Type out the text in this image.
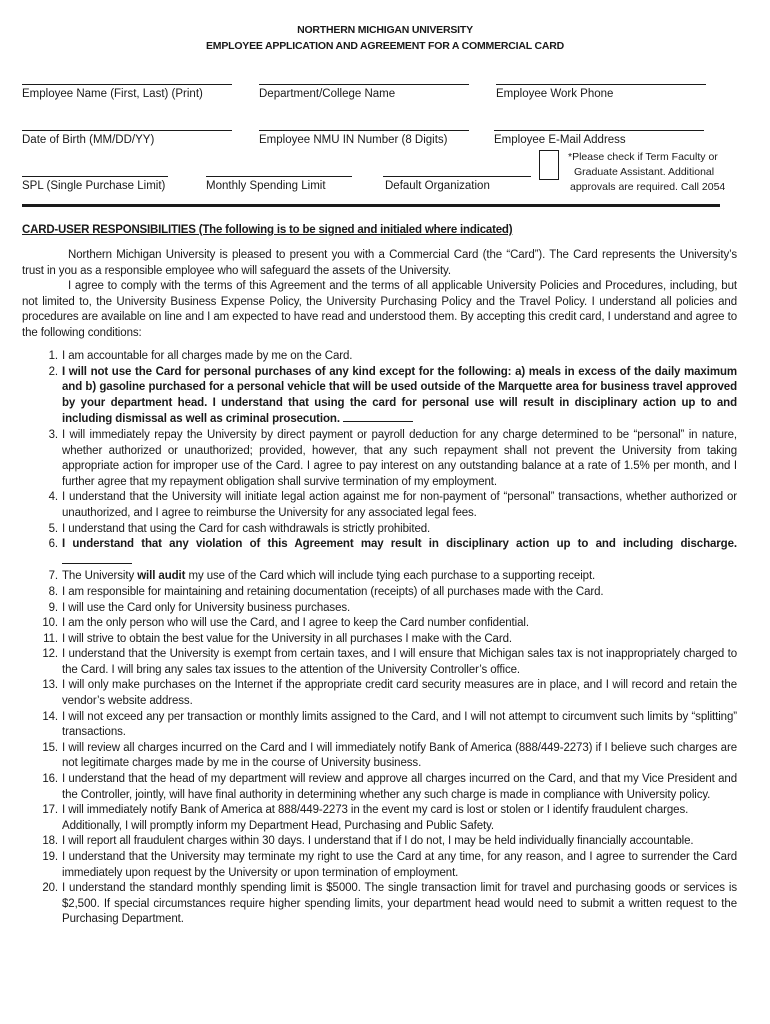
NORTHERN MICHIGAN UNIVERSITY
EMPLOYEE APPLICATION AND AGREEMENT FOR A COMMERCIAL CARD
Employee Name (First, Last) (Print)	Department/College Name	Employee Work Phone
Date of Birth (MM/DD/YY)	Employee NMU IN Number (8 Digits)	Employee E-Mail Address
*Please check if Term Faculty or
Graduate Assistant. Additional
approvals are required. Call 2054
SPL (Single Purchase Limit)	Monthly Spending Limit	Default Organization
CARD-USER RESPONSIBILITIES (The following is to be signed and initialed where indicated)

Northern Michigan University is pleased to present you with a Commercial Card (the “Card”). The Card represents the University’s trust in you as a responsible employee who will safeguard the assets of the University.

I agree to comply with the terms of this Agreement and the terms of all applicable University Policies and Procedures, including, but not limited to, the University Business Expense Policy, the University Purchasing Policy and the Travel Policy. I understand all policies and procedures are available on line and I am expected to have read and understood them. By accepting this credit card, I understand and agree to the following conditions:

1. I am accountable for all charges made by me on the Card.
2. I will not use the Card for personal purchases of any kind except for the following: a) meals in excess of the daily maximum and b) gasoline purchased for a personal vehicle that will be used outside of the Marquette area for business travel approved by your department head. I understand that using the card for personal use will result in disciplinary action up to and including dismissal as well as criminal prosecution.
3. I will immediately repay the University by direct payment or payroll deduction for any charge determined to be “personal” in nature, whether authorized or unauthorized; provided, however, that any such repayment shall not prevent the University from taking appropriate action for improper use of the Card. I agree to pay interest on any outstanding balance at a rate of 1.5% per month, and I further agree that my repayment obligation shall survive termination of my employment.
4. I understand that the University will initiate legal action against me for non-payment of “personal” transactions, whether authorized or unauthorized, and I agree to reimburse the University for any associated legal fees.
5. I understand that using the Card for cash withdrawals is strictly prohibited.
6. I understand that any violation of this Agreement may result in disciplinary action up to and including discharge.
7. The University will audit my use of the Card which will include tying each purchase to a supporting receipt.
8. I am responsible for maintaining and retaining documentation (receipts) of all purchases made with the Card.
9. I will use the Card only for University business purchases.
10. I am the only person who will use the Card, and I agree to keep the Card number confidential.
11. I will strive to obtain the best value for the University in all purchases I make with the Card.
12. I understand that the University is exempt from certain taxes, and I will ensure that Michigan sales tax is not inappropriately charged to the Card. I will bring any sales tax issues to the attention of the University Controller’s office.
13. I will only make purchases on the Internet if the appropriate credit card security measures are in place, and I will record and retain the vendor’s website address.
14. I will not exceed any per transaction or monthly limits assigned to the Card, and I will not attempt to circumvent such limits by “splitting” transactions.
15. I will review all charges incurred on the Card and I will immediately notify Bank of America (888/449-2273) if I believe such charges are not legitimate charges made by me in the course of University business.
16. I understand that the head of my department will review and approve all charges incurred on the Card, and that my Vice President and the Controller, jointly, will have final authority in determining whether any such charge is made in compliance with University policy.
17. I will immediately notify Bank of America at 888/449-2273 in the event my card is lost or stolen or I identify fraudulent charges.
Additionally, I will promptly inform my Department Head, Purchasing and Public Safety.
18. I will report all fraudulent charges within 30 days. I understand that if I do not, I may be held individually financially accountable.
19. I understand that the University may terminate my right to use the Card at any time, for any reason, and I agree to surrender the Card immediately upon request by the University or upon termination of employment.
20. I understand the standard monthly spending limit is $5000. The single transaction limit for travel and purchasing goods or services is $2,500. If special circumstances require higher spending limits, your department head would need to submit a written request to the Purchasing Department.
